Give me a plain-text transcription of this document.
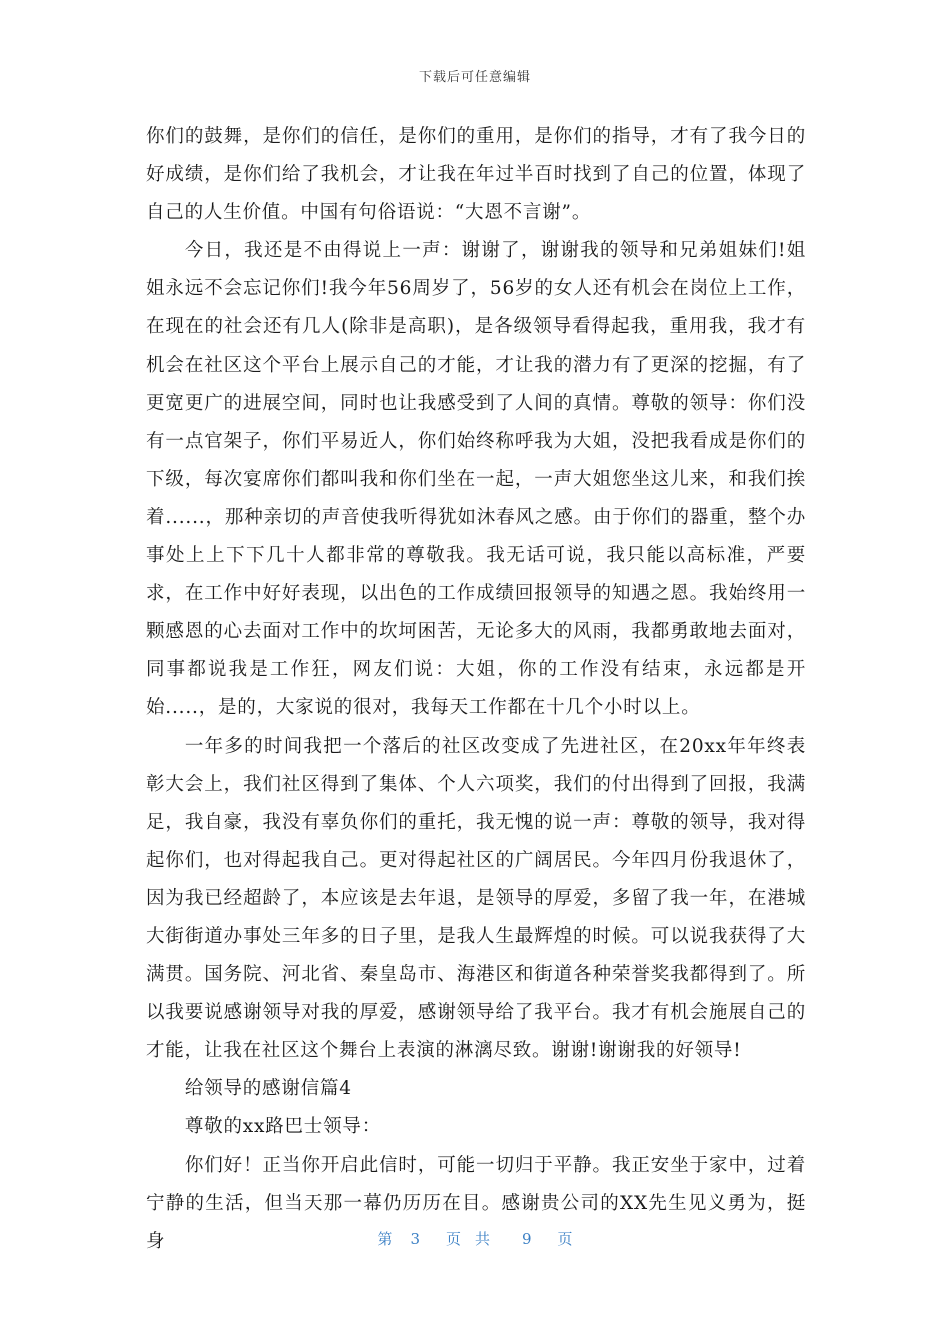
下载后可任意编辑

你们的鼓舞，是你们的信任，是你们的重用，是你们的指导，才有了我今日的好成绩，是你们给了我机会，才让我在年过半百时找到了自己的位置，体现了自己的人生价值。中国有句俗语说：“大恩不言谢”。

今日，我还是不由得说上一声：谢谢了，谢谢我的领导和兄弟姐妹们!姐姐永远不会忘记你们!我今年56周岁了，56岁的女人还有机会在岗位上工作，在现在的社会还有几人(除非是高职)，是各级领导看得起我，重用我，我才有机会在社区这个平台上展示自己的才能，才让我的潜力有了更深的挖掘，有了更宽更广的进展空间，同时也让我感受到了人间的真情。尊敬的领导：你们没有一点官架子，你们平易近人，你们始终称呼我为大姐，没把我看成是你们的下级，每次宴席你们都叫我和你们坐在一起，一声大姐您坐这儿来，和我们挨着......，那种亲切的声音使我听得犹如沐春风之感。由于你们的器重，整个办事处上上下下几十人都非常的尊敬我。我无话可说，我只能以高标准，严要求，在工作中好好表现，以出色的工作成绩回报领导的知遇之恩。我始终用一颗感恩的心去面对工作中的坎坷困苦，无论多大的风雨，我都勇敢地去面对，同事都说我是工作狂，网友们说：大姐，你的工作没有结束，永远都是开始.....，是的，大家说的很对，我每天工作都在十几个小时以上。

一年多的时间我把一个落后的社区改变成了先进社区，在20xx年年终表彰大会上，我们社区得到了集体、个人六项奖，我们的付出得到了回报，我满足，我自豪，我没有辜负你们的重托，我无愧的说一声：尊敬的领导，我对得起你们，也对得起我自己。更对得起社区的广阔居民。今年四月份我退休了，因为我已经超龄了，本应该是去年退，是领导的厚爱，多留了我一年，在港城大街街道办事处三年多的日子里，是我人生最辉煌的时候。可以说我获得了大满贯。国务院、河北省、秦皇岛市、海港区和街道各种荣誉奖我都得到了。所以我要说感谢领导对我的厚爱，感谢领导给了我平台。我才有机会施展自己的才能，让我在社区这个舞台上表演的淋漓尽致。谢谢!谢谢我的好领导!

给领导的感谢信篇4

尊敬的xx路巴士领导：

你们好！正当你开启此信时，可能一切归于平静。我正安坐于家中，过着宁静的生活，但当天那一幕仍历历在目。感谢贵公司的XX先生见义勇为，挺身	第 3 页共 9 页
